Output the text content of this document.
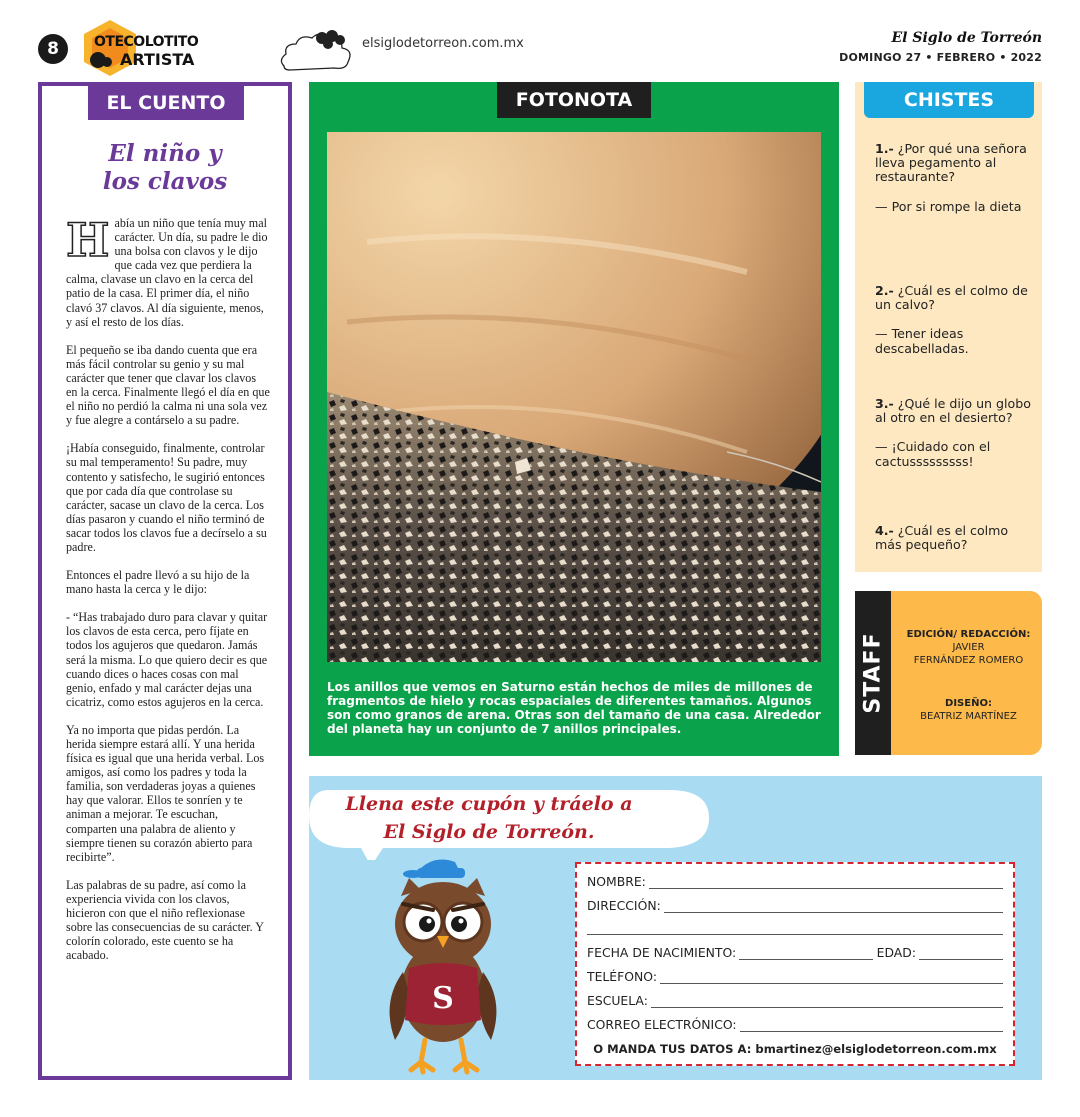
8	OTECOLOTITO
ARTISTA
elsiglodetorreon.com.mx	El Siglo de Torreón
DOMINGO 27 • FEBRERO • 2022
EL CUENTO
El niño y
los clavos

Había un niño que tenía muy mal carácter. Un día, su padre le dio una bolsa con clavos y le dijo que cada vez que perdiera la calma, clavase un clavo en la cerca del patio de la casa. El primer día, el niño clavó 37 clavos. Al día siguiente, menos, y así el resto de los días.

El pequeño se iba dando cuenta que era más fácil controlar su genio y su mal carácter que tener que clavar los clavos en la cerca. Finalmente llegó el día en que el niño no perdió la calma ni una sola vez y fue alegre a contárselo a su padre.

¡Había conseguido, finalmente, controlar su mal temperamento! Su padre, muy contento y satisfecho, le sugirió entonces que por cada día que controlase su carácter, sacase un clavo de la cerca. Los días pasaron y cuando el niño terminó de sacar todos los clavos fue a decírselo a su padre.

Entonces el padre llevó a su hijo de la mano hasta la cerca y le dijo:

- “Has trabajado duro para clavar y quitar los clavos de esta cerca, pero fíjate en todos los agujeros que quedaron. Jamás será la misma. Lo que quiero decir es que cuando dices o haces cosas con mal genio, enfado y mal carácter dejas una cicatriz, como estos agujeros en la cerca.

Ya no importa que pidas perdón. La herida siempre estará allí. Y una herida física es igual que una herida verbal. Los amigos, así como los padres y toda la familia, son verdaderas joyas a quienes hay que valorar. Ellos te sonríen y te animan a mejorar. Te escuchan, comparten una palabra de aliento y siempre tienen su corazón abierto para recibirte”.

Las palabras de su padre, así como la experiencia vivida con los clavos, hicieron con que el niño reflexionase sobre las consecuencias de su carácter. Y colorín colorado, este cuento se ha acabado.

FOTONOTA
Los anillos que vemos en Saturno están hechos de miles de millones de fragmentos de hielo y rocas espaciales de diferentes tamaños. Algunos son como granos de arena. Otras son del tamaño de una casa. Alrededor del planeta hay un conjunto de 7 anillos principales.
CHISTES
1.- ¿Por qué una señora lleva pegamento al restaurante?
— Por si rompe la dieta
2.- ¿Cuál es el colmo de un calvo?
— Tener ideas descabelladas.
3.- ¿Qué le dijo un globo al otro en el desierto?
— ¡Cuidado con el cactusssssssss!
4.- ¿Cuál es el colmo más pequeño?
STAFF	EDICIÓN/ REDACCIÓN:
JAVIER
FERNÁNDEZ ROMERO
DISEÑO:
BEATRIZ MARTÍNEZ
Llena este cupón y tráelo a
El Siglo de Torreón.
S
NOMBRE:
DIRECCIÓN:
FECHA DE NACIMIENTO:	EDAD:
TELÉFONO:
ESCUELA:
CORREO ELECTRÓNICO:
O MANDA TUS DATOS A: bmartinez@elsiglodetorreon.com.mx
